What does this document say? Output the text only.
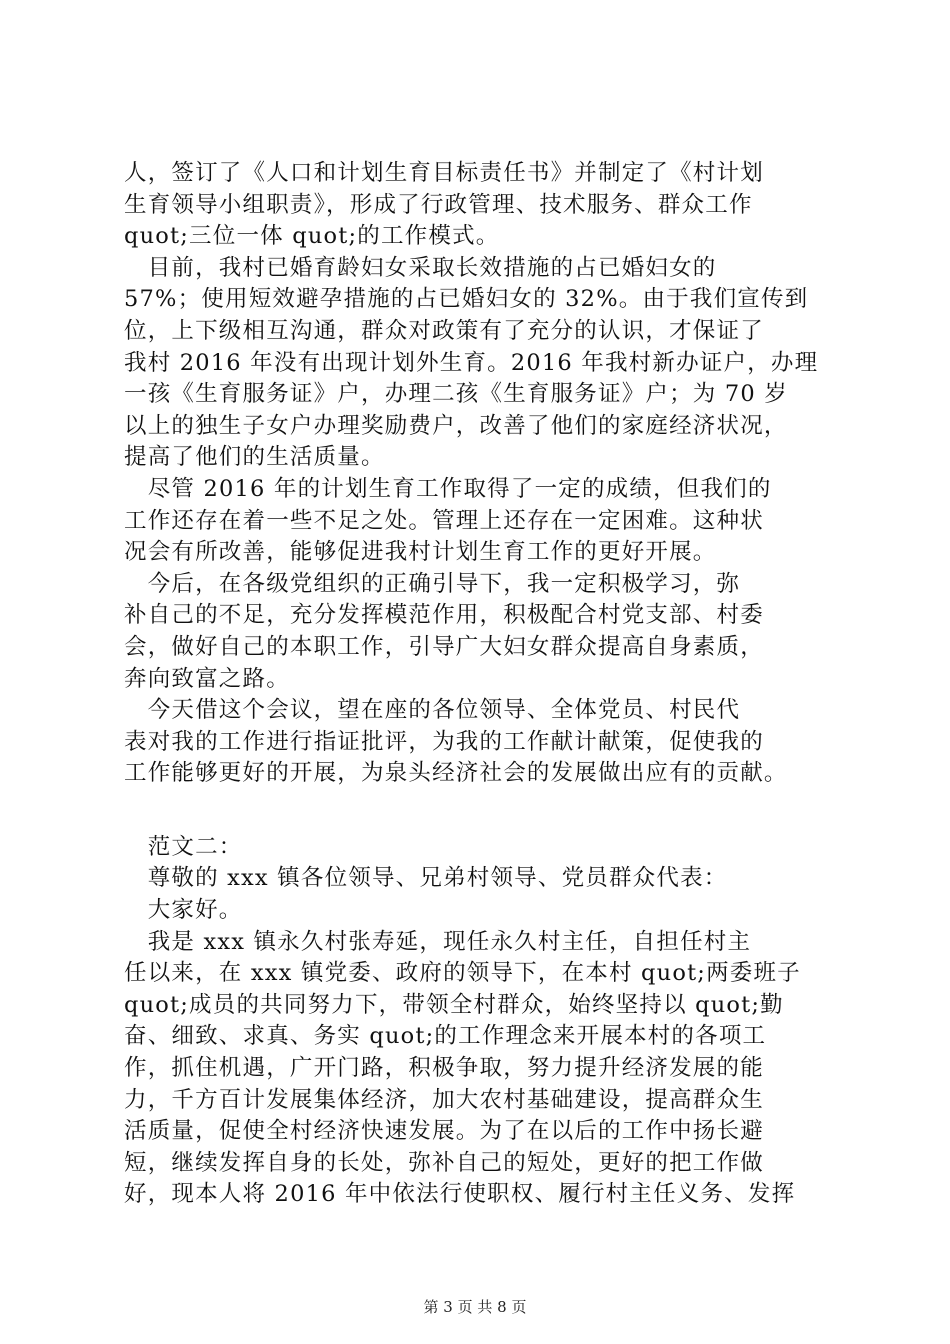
人，签订了《人口和计划生育目标责任书》并制定了《村计划
生育领导小组职责》，形成了行政管理、技术服务、群众工作
quot;三位一体 quot;的工作模式。
　目前，我村已婚育龄妇女采取长效措施的占已婚妇女的
57%；使用短效避孕措施的占已婚妇女的 32%。由于我们宣传到
位，上下级相互沟通，群众对政策有了充分的认识，才保证了
我村 2016 年没有出现计划外生育。2016 年我村新办证户，办理
一孩《生育服务证》户，办理二孩《生育服务证》户；为 70 岁
以上的独生子女户办理奖励费户，改善了他们的家庭经济状况，
提高了他们的生活质量。
　尽管 2016 年的计划生育工作取得了一定的成绩，但我们的
工作还存在着一些不足之处。管理上还存在一定困难。这种状
况会有所改善，能够促进我村计划生育工作的更好开展。
　今后，在各级党组织的正确引导下，我一定积极学习，弥
补自己的不足，充分发挥模范作用，积极配合村党支部、村委
会，做好自己的本职工作，引导广大妇女群众提高自身素质，
奔向致富之路。
　今天借这个会议，望在座的各位领导、全体党员、村民代
表对我的工作进行指证批评，为我的工作献计献策，促使我的
工作能够更好的开展，为泉头经济社会的发展做出应有的贡献。
　范文二：
　尊敬的 xxx 镇各位领导、兄弟村领导、党员群众代表：
　大家好。
　我是 xxx 镇永久村张寿延，现任永久村主任，自担任村主
任以来，在 xxx 镇党委、政府的领导下，在本村 quot;两委班子
quot;成员的共同努力下，带领全村群众，始终坚持以 quot;勤
奋、细致、求真、务实 quot;的工作理念来开展本村的各项工
作，抓住机遇，广开门路，积极争取，努力提升经济发展的能
力，千方百计发展集体经济，加大农村基础建设，提高群众生
活质量，促使全村经济快速发展。为了在以后的工作中扬长避
短，继续发挥自身的长处，弥补自己的短处，更好的把工作做
好，现本人将 2016 年中依法行使职权、履行村主任义务、发挥
第 3 页 共 8 页
